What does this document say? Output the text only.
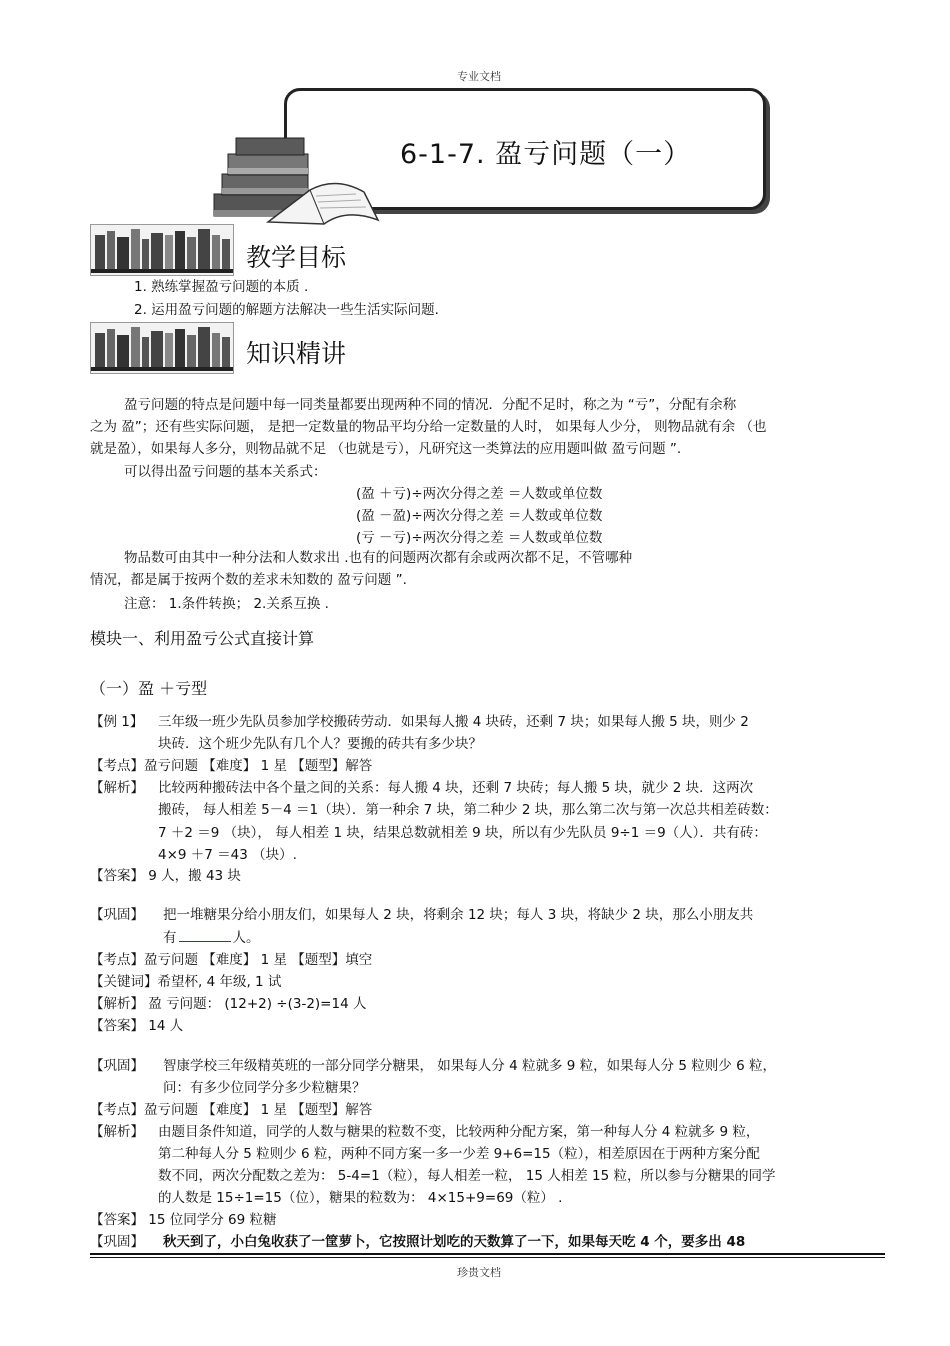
专业文档
6-1-7. 盈亏问题（一）
教学目标
1. 熟练掌握盈亏问题的本质 .
2. 运用盈亏问题的解题方法解决一些生活实际问题.
知识精讲
盈亏问题的特点是问题中每一同类量都要出现两种不同的情况．分配不足时，称之为 “亏”，分配有余称
之为 盈”；还有些实际问题， 是把一定数量的物品平均分给一定数量的人时， 如果每人少分， 则物品就有余 （也
就是盈），如果每人多分，则物品就不足 （也就是亏），凡研究这一类算法的应用题叫做 盈亏问题 ”.
可以得出盈亏问题的基本关系式：
(盈 ＋亏)÷两次分得之差 ＝人数或单位数
(盈 －盈)÷两次分得之差 ＝人数或单位数
(亏 －亏)÷两次分得之差 ＝人数或单位数
物品数可由其中一种分法和人数求出 .也有的问题两次都有余或两次都不足，不管哪种
情况，都是属于按两个数的差求未知数的 盈亏问题 ”.
注意： 1.条件转换； 2.关系互换 .
模块一、利用盈亏公式直接计算
（一）盈 ＋亏型
【例 1】 三年级一班少先队员参加学校搬砖劳动．如果每人搬 4 块砖，还剩 7 块；如果每人搬 5 块，则少 2
块砖．这个班少先队有几个人？要搬的砖共有多少块？
【考点】盈亏问题 【难度】 1 星 【题型】解答
【解析】 比较两种搬砖法中各个量之间的关系：每人搬 4 块，还剩 7 块砖；每人搬 5 块，就少 2 块．这两次
搬砖， 每人相差 5－4 ＝1（块）．第一种余 7 块，第二种少 2 块，那么第二次与第一次总共相差砖数：
7 ＋2 ＝9 （块）， 每人相差 1 块，结果总数就相差 9 块，所以有少先队员 9÷1 ＝9（人）．共有砖：
4×9 ＋7 ＝43 （块）.
【答案】 9 人，搬 43 块
【巩固】 把一堆糖果分给小朋友们，如果每人 2 块，将剩余 12 块；每人 3 块，将缺少 2 块，那么小朋友共
有	人。
【考点】盈亏问题 【难度】 1 星 【题型】填空
【关键词】希望杯, 4 年级, 1 试
【解析】 盈 亏问题： (12+2) ÷(3-2)=14 人
【答案】 14 人
【巩固】 智康学校三年级精英班的一部分同学分糖果， 如果每人分 4 粒就多 9 粒，如果每人分 5 粒则少 6 粒，
问：有多少位同学分多少粒糖果？
【考点】盈亏问题 【难度】 1 星 【题型】解答
【解析】 由题目条件知道，同学的人数与糖果的粒数不变，比较两种分配方案，第一种每人分 4 粒就多 9 粒，
第二种每人分 5 粒则少 6 粒，两种不同方案一多一少差 9+6=15（粒），相差原因在于两种方案分配
数不同，两次分配数之差为： 5-4=1（粒），每人相差一粒， 15 人相差 15 粒，所以参与分糖果的同学
的人数是 15÷1=15（位），糖果的粒数为： 4×15+9=69（粒） .
【答案】 15 位同学分 69 粒糖
【巩固】 秋天到了，小白兔收获了一筐萝卜，它按照计划吃的天数算了一下，如果每天吃 4 个，要多出 48
珍贵文档
